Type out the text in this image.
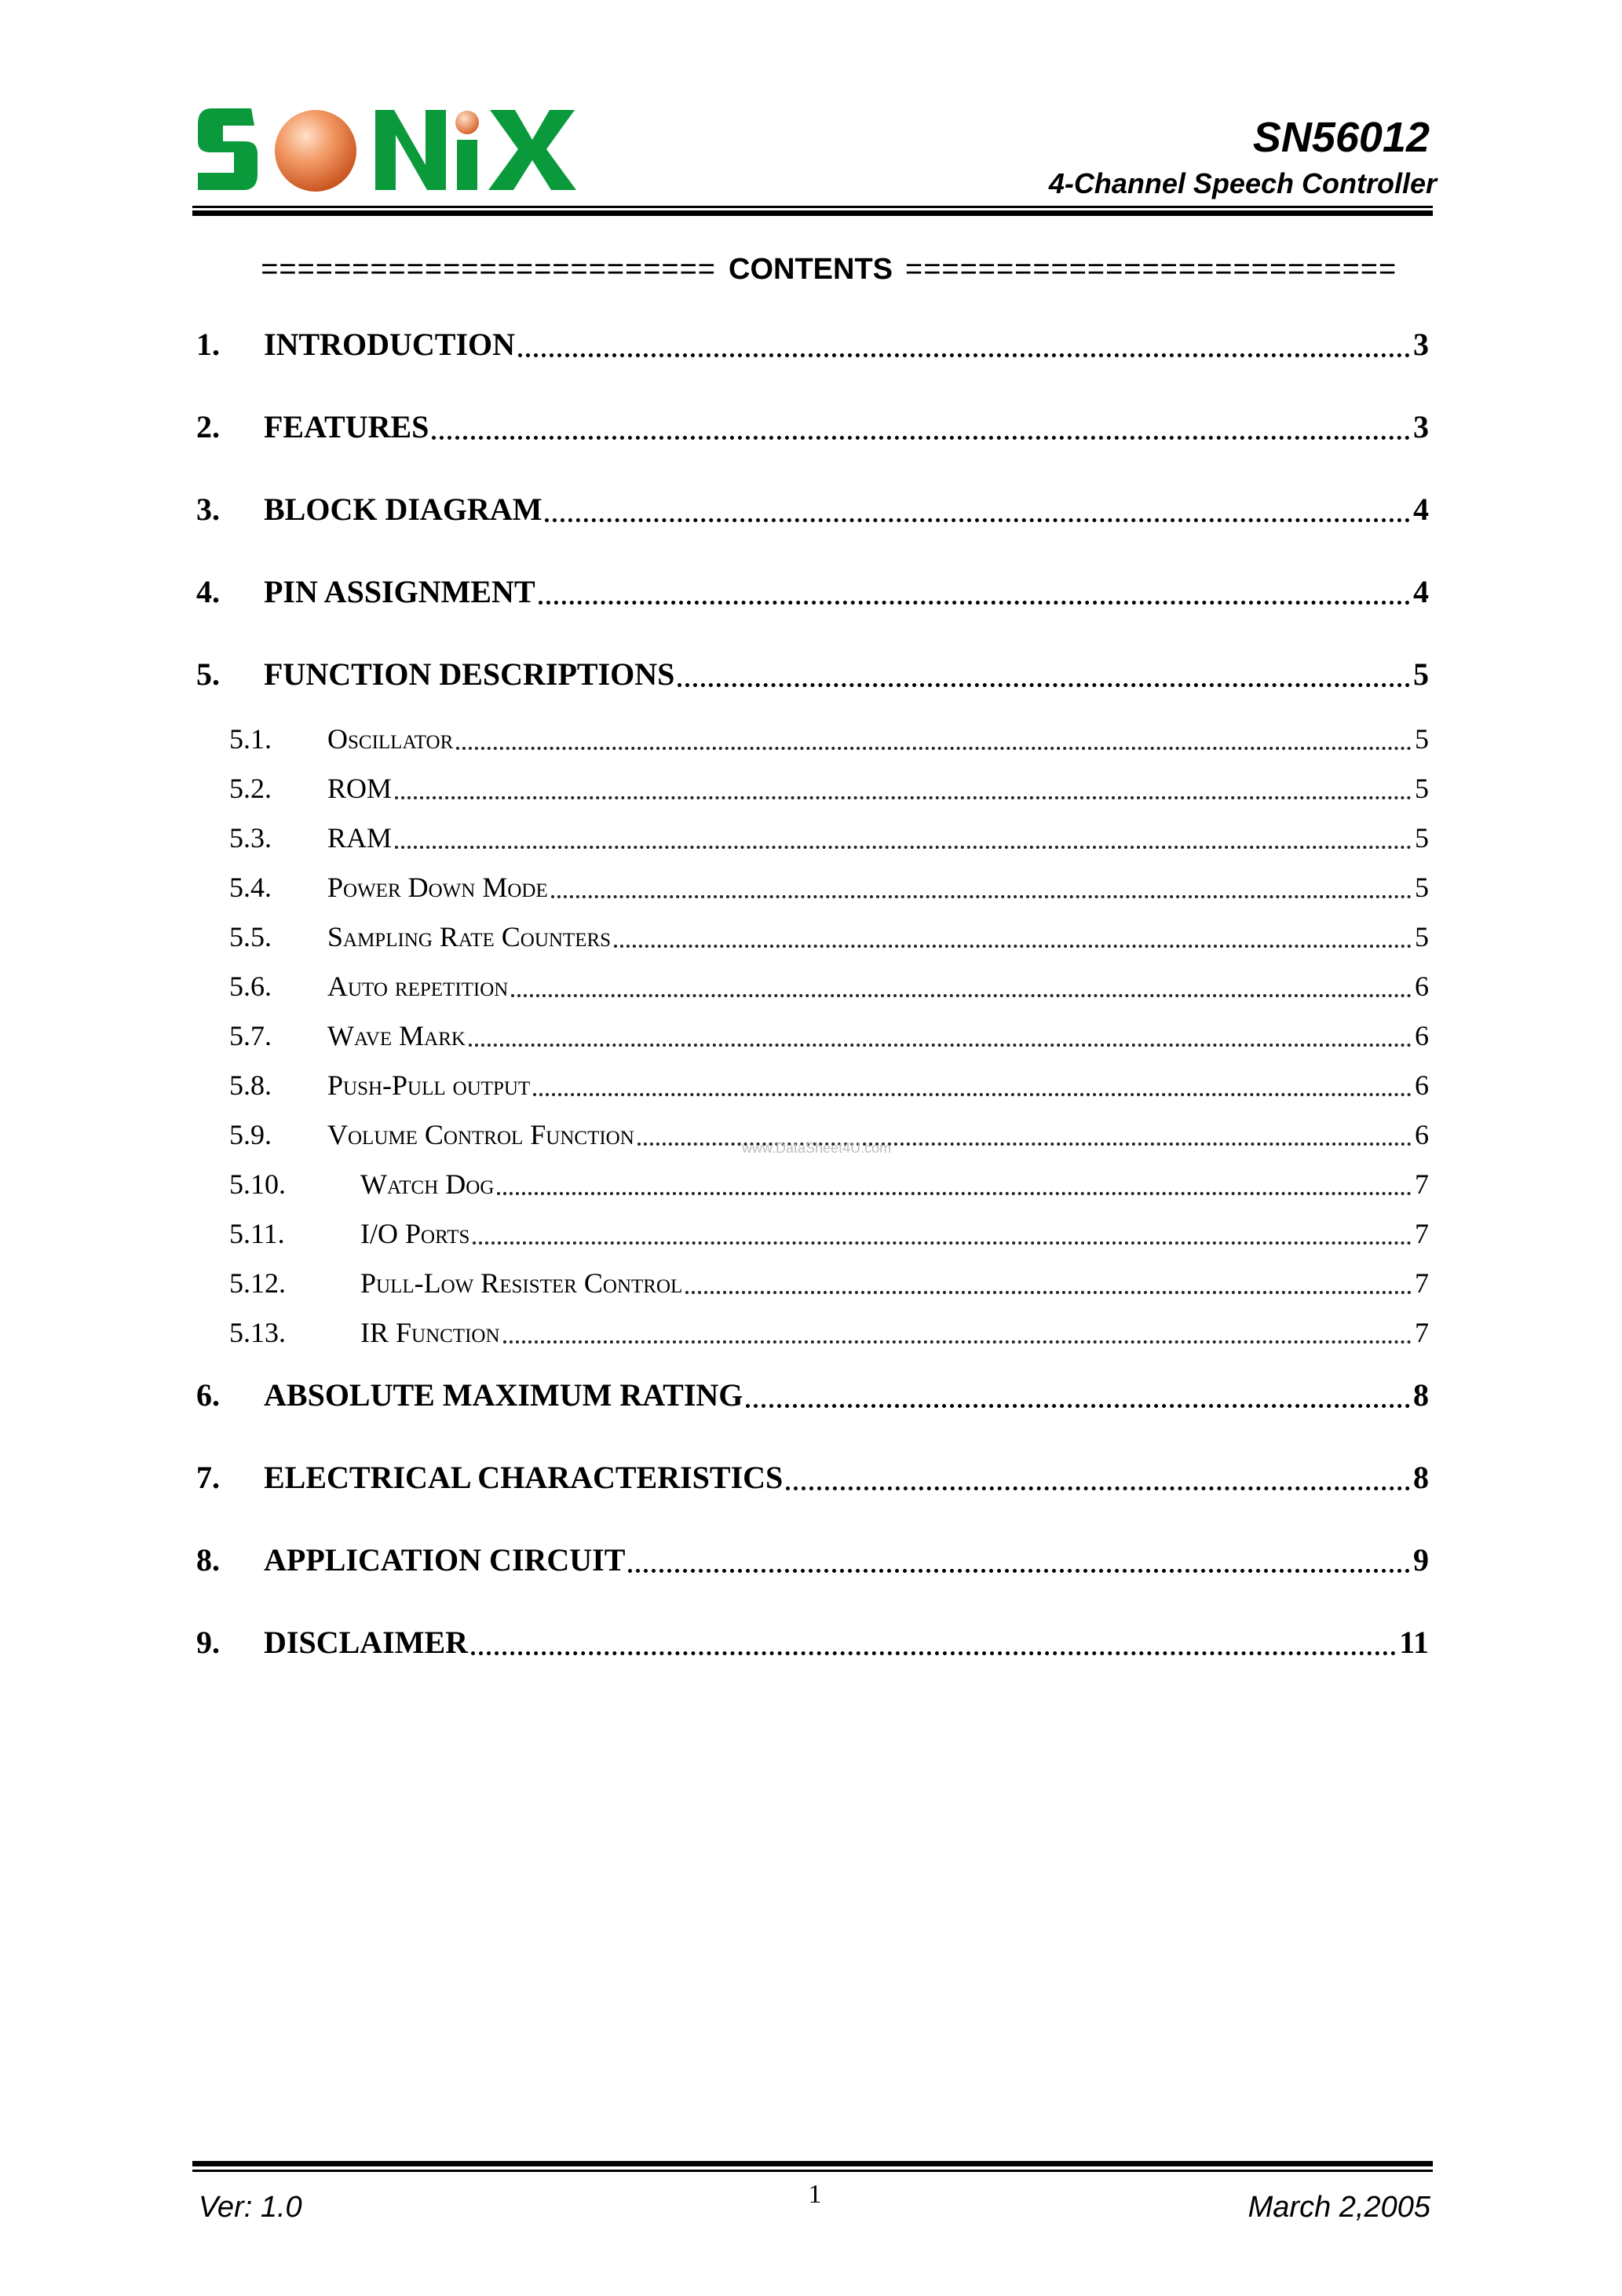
SN56012
4-Channel Speech Controller
========================= CONTENTS ===========================
1.	INTRODUCTION	3
2.	FEATURES	3
3.	BLOCK DIAGRAM	4
4.	PIN ASSIGNMENT	4
5.	FUNCTION DESCRIPTIONS	5
5.1.	Oscillator	5
5.2.	ROM	5
5.3.	RAM	5
5.4.	Power Down Mode	5
5.5.	Sampling Rate Counters	5
5.6.	Auto repetition	6
5.7.	Wave Mark	6
5.8.	Push-Pull output	6
5.9.	Volume Control Function	6
5.10.	Watch Dog	7
5.11.	I/O Ports	7
5.12.	Pull-Low Resister Control	7
5.13.	IR Function	7
6.	ABSOLUTE MAXIMUM RATING	8
7.	ELECTRICAL CHARACTERISTICS	8
8.	APPLICATION CIRCUIT	9
9.	DISCLAIMER	11
www.DataSheet4U.com
Ver: 1.0	1	March 2,2005
